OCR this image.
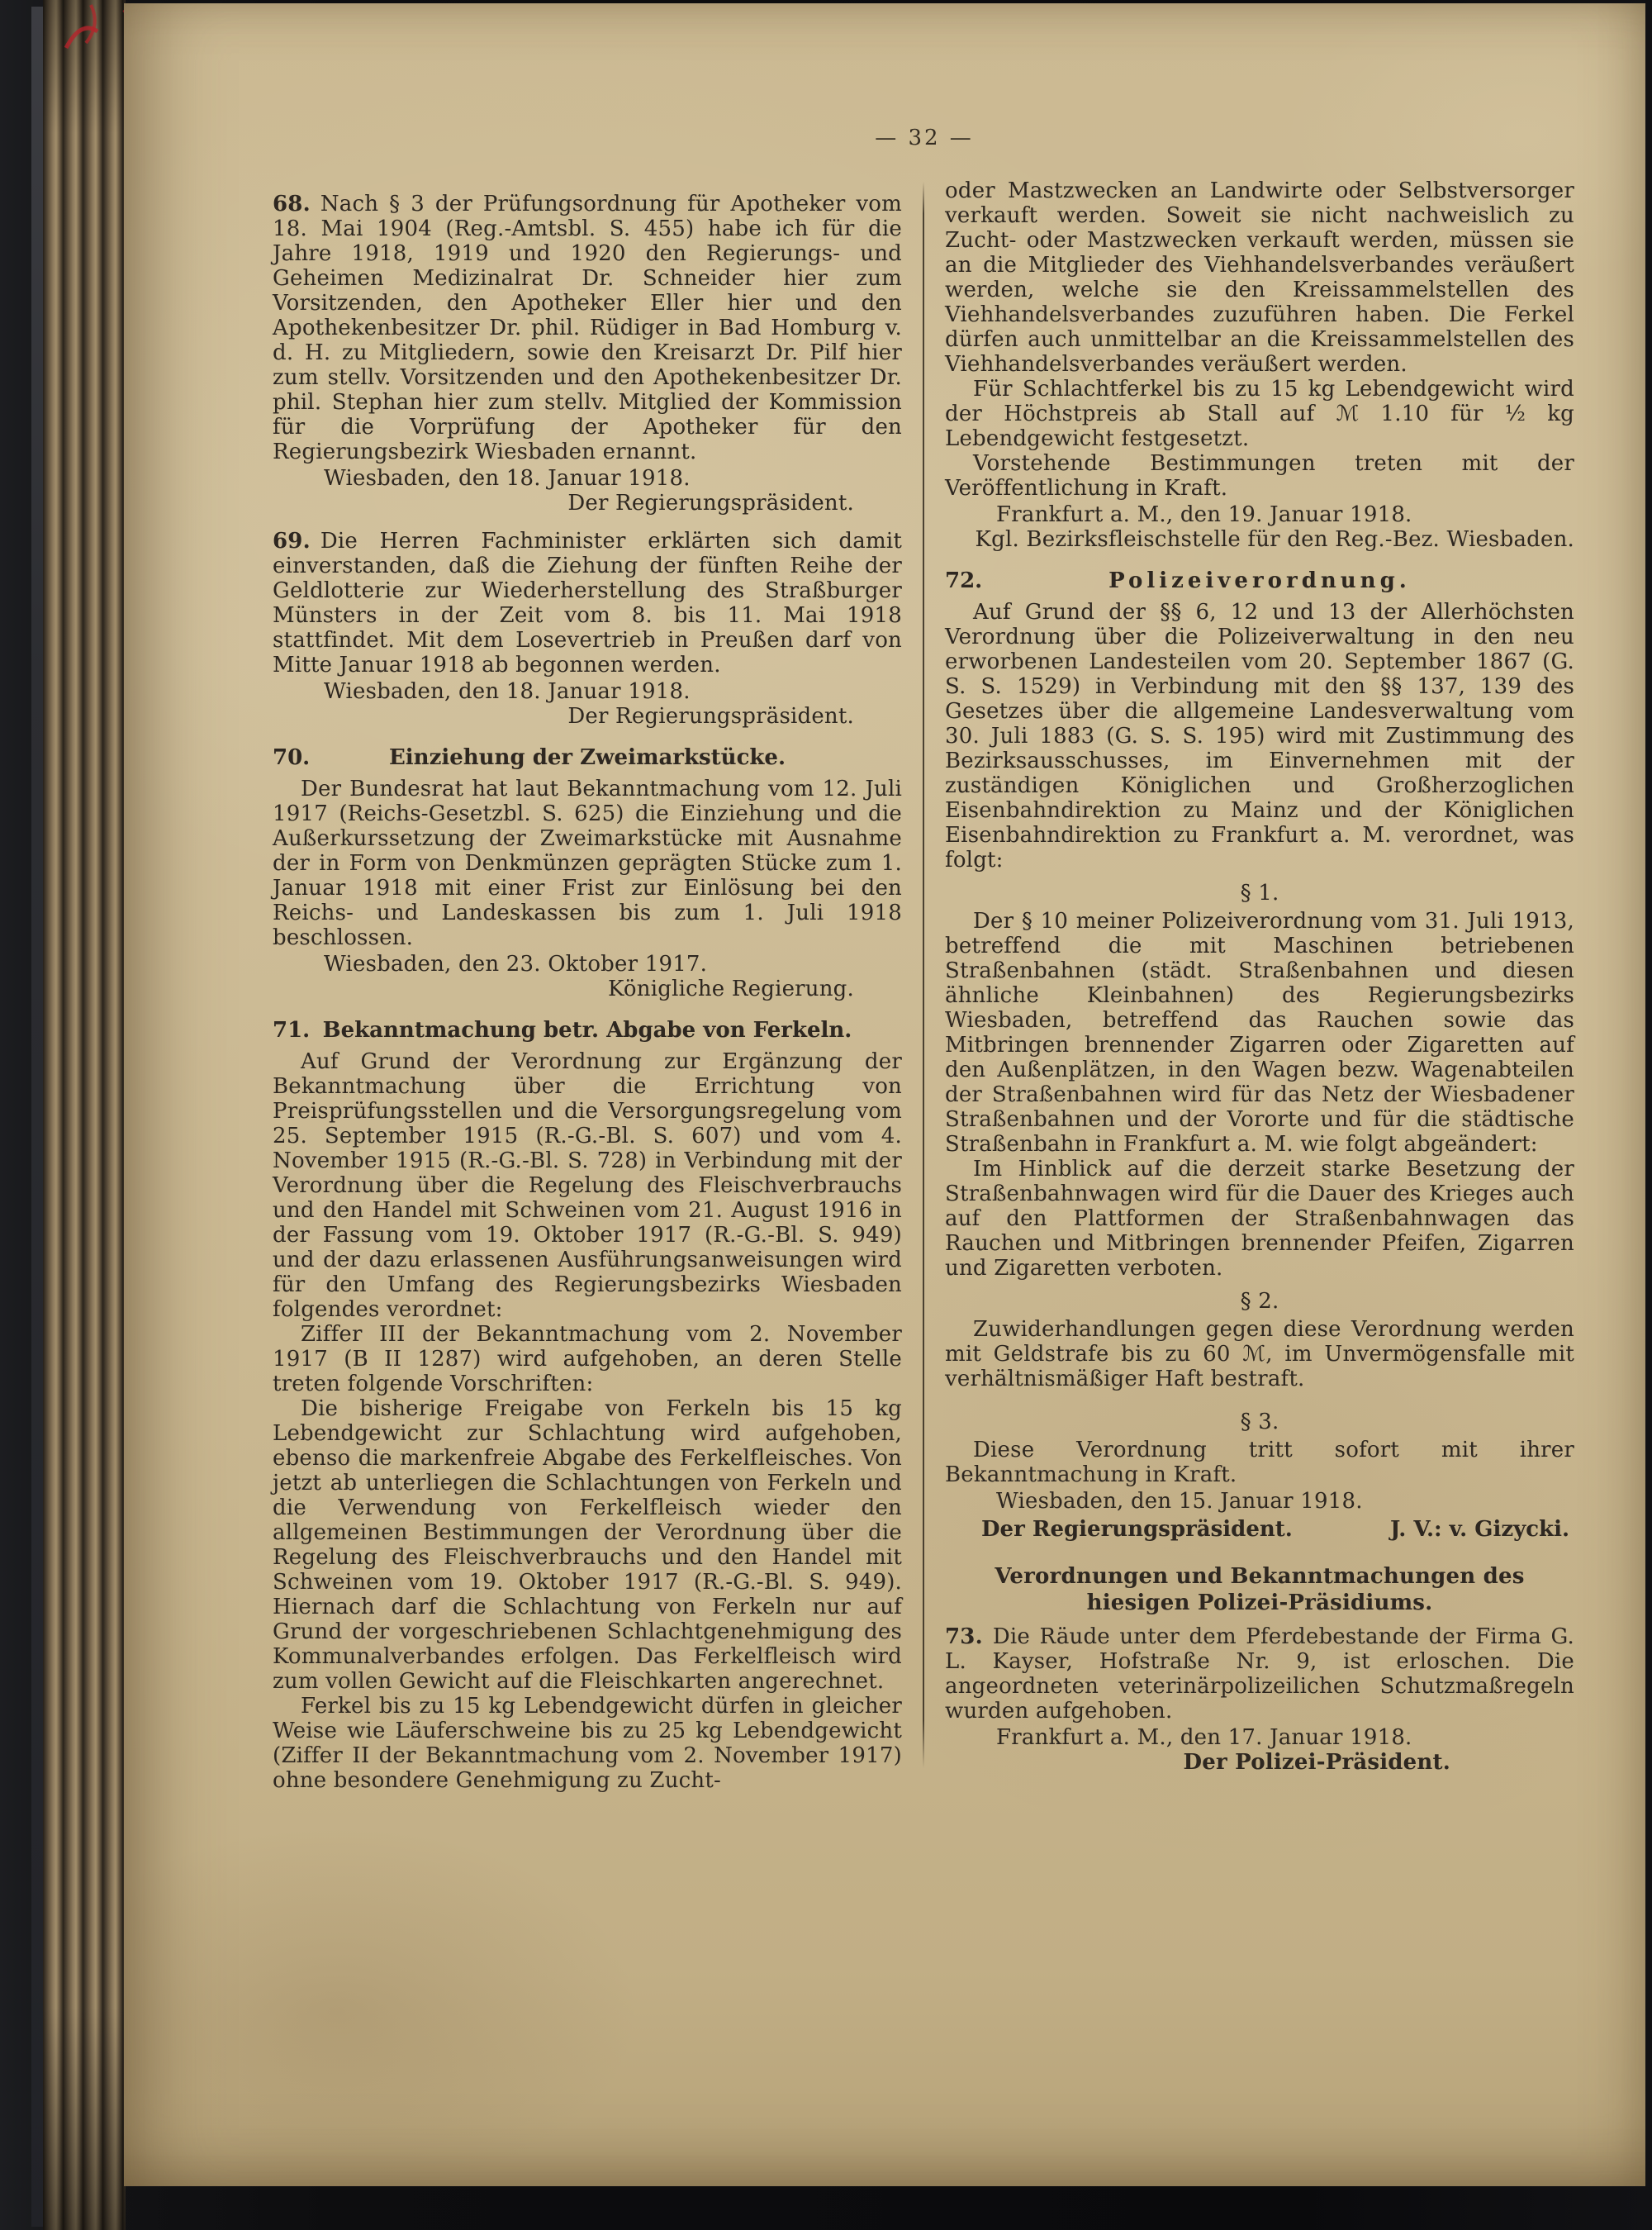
— 32 —

68. Nach § 3 der Prüfungsordnung für Apotheker vom 18. Mai 1904 (Reg.-Amtsbl. S. 455) habe ich für die Jahre 1918, 1919 und 1920 den Regierungs- und Geheimen Medizinalrat Dr. Schneider hier zum Vorsitzenden, den Apotheker Eller hier und den Apothekenbesitzer Dr. phil. Rüdiger in Bad Homburg v. d. H. zu Mitgliedern, sowie den Kreisarzt Dr. Pilf hier zum stellv. Vorsitzenden und den Apothekenbesitzer Dr. phil. Stephan hier zum stellv. Mitglied der Kommission für die Vorprüfung der Apotheker für den Regierungsbezirk Wiesbaden ernannt.

Wiesbaden, den 18. Januar 1918.

Der Regierungspräsident.

69. Die Herren Fachminister erklärten sich damit einverstanden, daß die Ziehung der fünften Reihe der Geldlotterie zur Wiederherstellung des Straßburger Münsters in der Zeit vom 8. bis 11. Mai 1918 stattfindet. Mit dem Losevertrieb in Preußen darf von Mitte Januar 1918 ab begonnen werden.

Wiesbaden, den 18. Januar 1918.

Der Regierungspräsident.

70.	Einziehung der Zweimarkstücke.

Der Bundesrat hat laut Bekanntmachung vom 12. Juli 1917 (Reichs-Gesetzbl. S. 625) die Einziehung und die Außerkurssetzung der Zweimarkstücke mit Ausnahme der in Form von Denkmünzen geprägten Stücke zum 1. Januar 1918 mit einer Frist zur Einlösung bei den Reichs- und Landeskassen bis zum 1. Juli 1918 beschlossen.

Wiesbaden, den 23. Oktober 1917.

Königliche Regierung.

71. Bekanntmachung betr. Abgabe von Ferkeln.

Auf Grund der Verordnung zur Ergänzung der Bekanntmachung über die Errichtung von Preisprüfungsstellen und die Versorgungsregelung vom 25. September 1915 (R.-G.-Bl. S. 607) und vom 4. November 1915 (R.-G.-Bl. S. 728) in Verbindung mit der Verordnung über die Regelung des Fleischverbrauchs und den Handel mit Schweinen vom 21. August 1916 in der Fassung vom 19. Oktober 1917 (R.-G.-Bl. S. 949) und der dazu erlassenen Ausführungsanweisungen wird für den Umfang des Regierungsbezirks Wiesbaden folgendes verordnet:

Ziffer III der Bekanntmachung vom 2. November 1917 (B II 1287) wird aufgehoben, an deren Stelle treten folgende Vorschriften:

Die bisherige Freigabe von Ferkeln bis 15 kg Lebendgewicht zur Schlachtung wird aufgehoben, ebenso die markenfreie Abgabe des Ferkelfleisches. Von jetzt ab unterliegen die Schlachtungen von Ferkeln und die Verwendung von Ferkelfleisch wieder den allgemeinen Bestimmungen der Verordnung über die Regelung des Fleischverbrauchs und den Handel mit Schweinen vom 19. Oktober 1917 (R.-G.-Bl. S. 949). Hiernach darf die Schlachtung von Ferkeln nur auf Grund der vorgeschriebenen Schlachtgenehmigung des Kommunalverbandes erfolgen. Das Ferkelfleisch wird zum vollen Gewicht auf die Fleischkarten angerechnet.

Ferkel bis zu 15 kg Lebendgewicht dürfen in gleicher Weise wie Läuferschweine bis zu 25 kg Lebendgewicht (Ziffer II der Bekanntmachung vom 2. November 1917) ohne besondere Genehmigung zu Zucht-

oder Mastzwecken an Landwirte oder Selbstversorger verkauft werden. Soweit sie nicht nachweislich zu Zucht- oder Mastzwecken verkauft werden, müssen sie an die Mitglieder des Viehhandelsverbandes veräußert werden, welche sie den Kreissammelstellen des Viehhandelsverbandes zuzuführen haben. Die Ferkel dürfen auch unmittelbar an die Kreissammelstellen des Viehhandelsverbandes veräußert werden.

Für Schlachtferkel bis zu 15 kg Lebendgewicht wird der Höchstpreis ab Stall auf ℳ 1.10 für ½ kg Lebendgewicht festgesetzt.

Vorstehende Bestimmungen treten mit der Veröffentlichung in Kraft.

Frankfurt a. M., den 19. Januar 1918.

Kgl. Bezirksfleischstelle für den Reg.-Bez. Wiesbaden.

72.	Polizeiverordnung.

Auf Grund der §§ 6, 12 und 13 der Allerhöchsten Verordnung über die Polizeiverwaltung in den neu erworbenen Landesteilen vom 20. September 1867 (G. S. S. 1529) in Verbindung mit den §§ 137, 139 des Gesetzes über die allgemeine Landesverwaltung vom 30. Juli 1883 (G. S. S. 195) wird mit Zustimmung des Bezirksausschusses, im Einvernehmen mit der zuständigen Königlichen und Großherzoglichen Eisenbahndirektion zu Mainz und der Königlichen Eisenbahndirektion zu Frankfurt a. M. verordnet, was folgt:

§ 1.

Der § 10 meiner Polizeiverordnung vom 31. Juli 1913, betreffend die mit Maschinen betriebenen Straßenbahnen (städt. Straßenbahnen und diesen ähnliche Kleinbahnen) des Regierungsbezirks Wiesbaden, betreffend das Rauchen sowie das Mitbringen brennender Zigarren oder Zigaretten auf den Außenplätzen, in den Wagen bezw. Wagenabteilen der Straßenbahnen wird für das Netz der Wiesbadener Straßenbahnen und der Vororte und für die städtische Straßenbahn in Frankfurt a. M. wie folgt abgeändert:

Im Hinblick auf die derzeit starke Besetzung der Straßenbahnwagen wird für die Dauer des Krieges auch auf den Plattformen der Straßenbahnwagen das Rauchen und Mitbringen brennender Pfeifen, Zigarren und Zigaretten verboten.

§ 2.

Zuwiderhandlungen gegen diese Verordnung werden mit Geldstrafe bis zu 60 ℳ, im Unvermögensfalle mit verhältnismäßiger Haft bestraft.

§ 3.

Diese Verordnung tritt sofort mit ihrer Bekanntmachung in Kraft.

Wiesbaden, den 15. Januar 1918.

Der Regierungspräsident.	J. V.: v. Gizycki.

Verordnungen und Bekanntmachungen des hiesigen Polizei-Präsidiums.

73. Die Räude unter dem Pferdebestande der Firma G. L. Kayser, Hofstraße Nr. 9, ist erloschen. Die angeordneten veterinärpolizeilichen Schutzmaßregeln wurden aufgehoben.

Frankfurt a. M., den 17. Januar 1918.

Der Polizei-Präsident.
